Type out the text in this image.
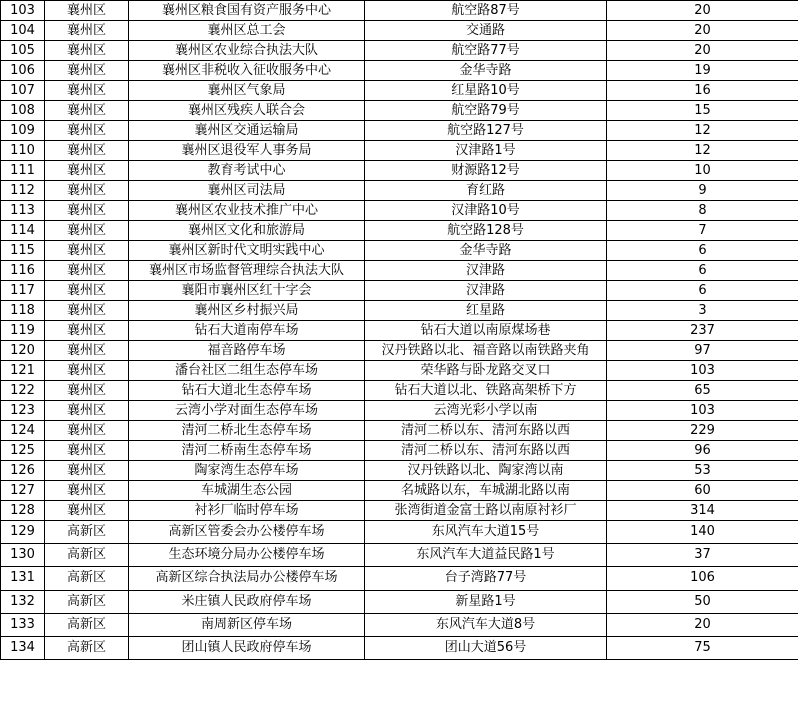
103	襄州区	襄州区粮食国有资产服务中心	航空路87号	20
104	襄州区	襄州区总工会	交通路	20
105	襄州区	襄州区农业综合执法大队	航空路77号	20
106	襄州区	襄州区非税收入征收服务中心	金华寺路	19
107	襄州区	襄州区气象局	红星路10号	16
108	襄州区	襄州区残疾人联合会	航空路79号	15
109	襄州区	襄州区交通运输局	航空路127号	12
110	襄州区	襄州区退役军人事务局	汉津路1号	12
111	襄州区	教育考试中心	财源路12号	10
112	襄州区	襄州区司法局	育红路	9
113	襄州区	襄州区农业技术推广中心	汉津路10号	8
114	襄州区	襄州区文化和旅游局	航空路128号	7
115	襄州区	襄州区新时代文明实践中心	金华寺路	6
116	襄州区	襄州区市场监督管理综合执法大队	汉津路	6
117	襄州区	襄阳市襄州区红十字会	汉津路	6
118	襄州区	襄州区乡村振兴局	红星路	3
119	襄州区	钻石大道南停车场	钻石大道以南原煤场巷	237
120	襄州区	福音路停车场	汉丹铁路以北、福音路以南铁路夹角	97
121	襄州区	潘台社区二组生态停车场	荣华路与卧龙路交叉口	103
122	襄州区	钻石大道北生态停车场	钻石大道以北、铁路高架桥下方	65
123	襄州区	云湾小学对面生态停车场	云湾光彩小学以南	103
124	襄州区	清河二桥北生态停车场	清河二桥以东、清河东路以西	229
125	襄州区	清河二桥南生态停车场	清河二桥以东、清河东路以西	96
126	襄州区	陶家湾生态停车场	汉丹铁路以北、陶家湾以南	53
127	襄州区	车城湖生态公园	名城路以东，车城湖北路以南	60
128	襄州区	衬衫厂临时停车场	张湾街道金富士路以南原衬衫厂	314
129	高新区	高新区管委会办公楼停车场	东风汽车大道15号	140
130	高新区	生态环境分局办公楼停车场	东风汽车大道益民路1号	37
131	高新区	高新区综合执法局办公楼停车场	台子湾路77号	106
132	高新区	米庄镇人民政府停车场	新星路1号	50
133	高新区	南周新区停车场	东风汽车大道8号	20
134	高新区	团山镇人民政府停车场	团山大道56号	75
